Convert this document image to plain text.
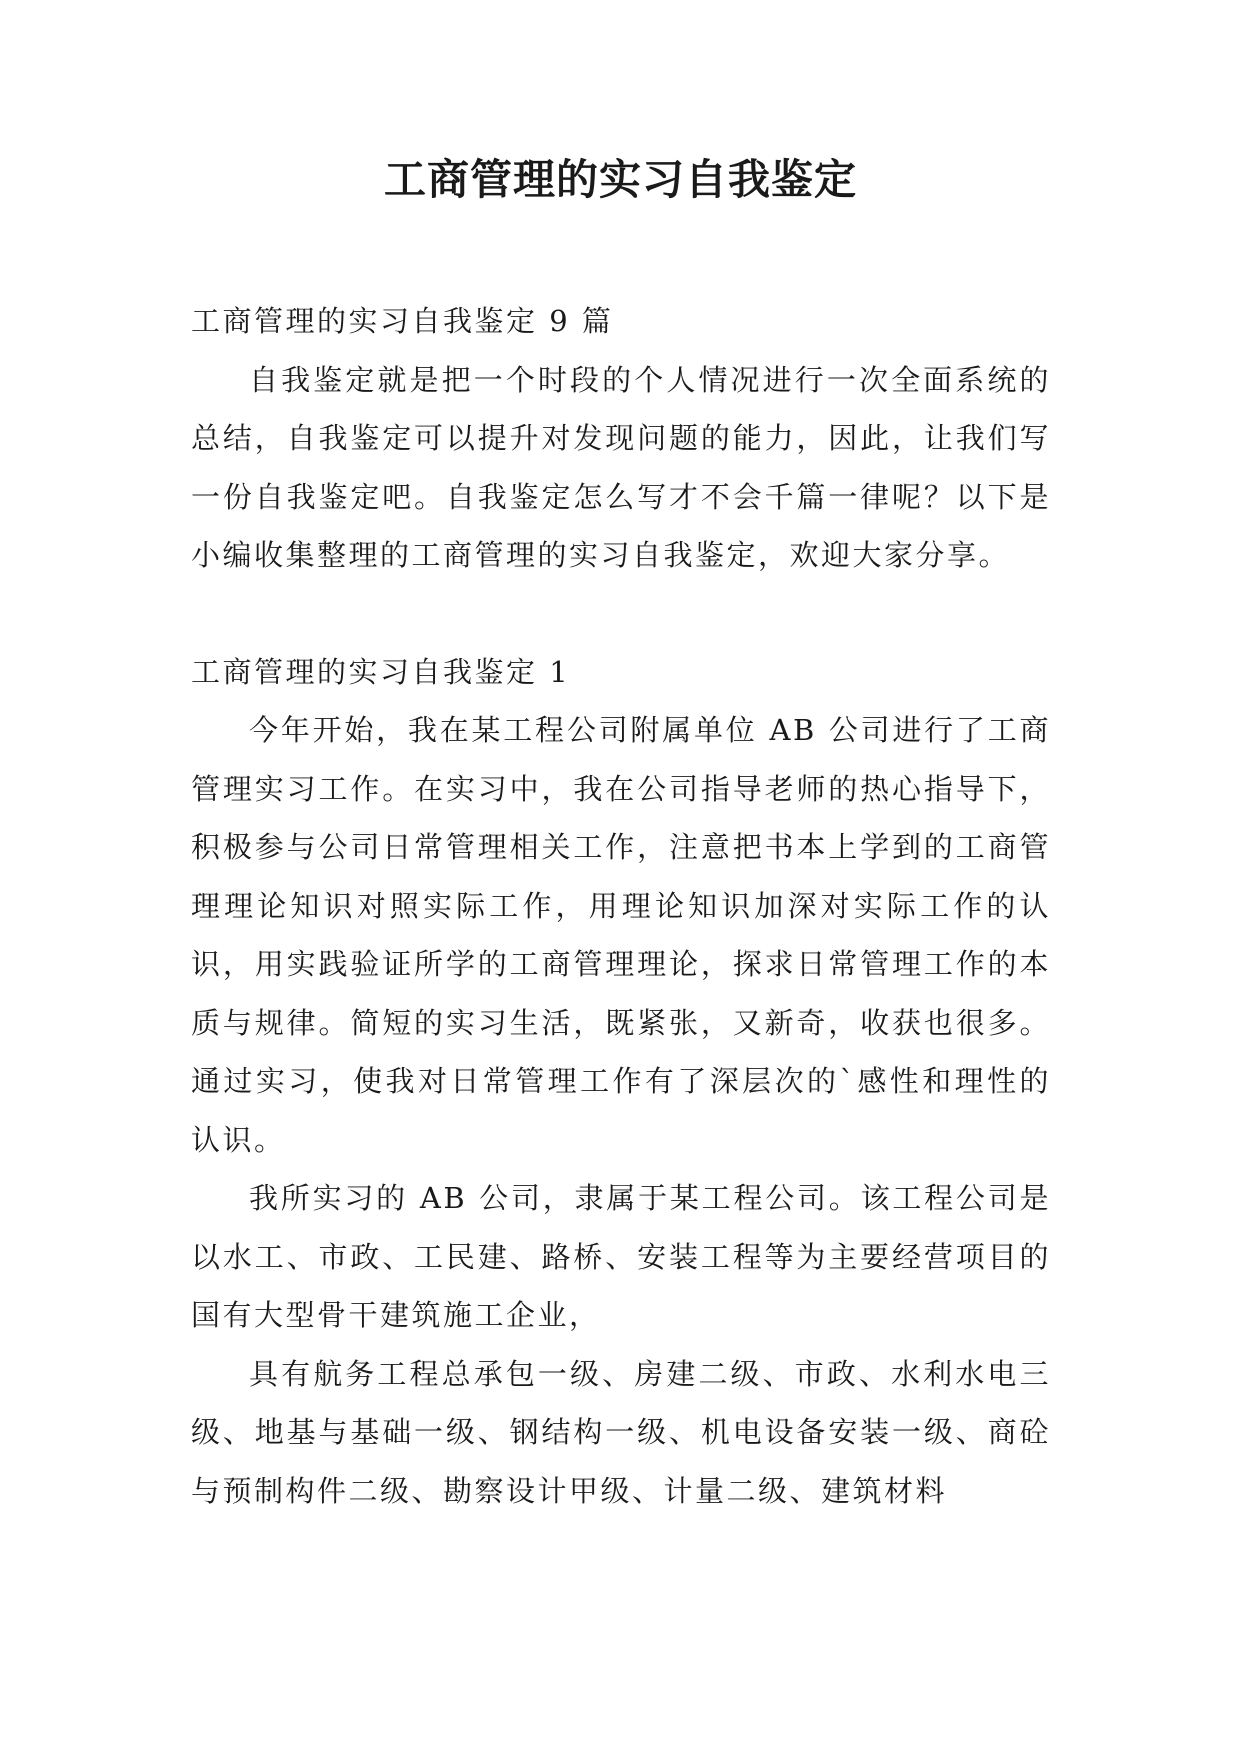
工商管理的实习自我鉴定

工商管理的实习自我鉴定 9 篇

自我鉴定就是把一个时段的个人情况进行一次全面系统的总结，自我鉴定可以提升对发现问题的能力，因此，让我们写一份自我鉴定吧。自我鉴定怎么写才不会千篇一律呢？以下是小编收集整理的工商管理的实习自我鉴定，欢迎大家分享。

工商管理的实习自我鉴定 1

今年开始，我在某工程公司附属单位 AB 公司进行了工商管理实习工作。在实习中，我在公司指导老师的热心指导下，积极参与公司日常管理相关工作，注意把书本上学到的工商管理理论知识对照实际工作，用理论知识加深对实际工作的认识，用实践验证所学的工商管理理论，探求日常管理工作的本质与规律。简短的实习生活，既紧张，又新奇，收获也很多。通过实习，使我对日常管理工作有了深层次的`感性和理性的认识。

我所实习的 AB 公司，隶属于某工程公司。该工程公司是以水工、市政、工民建、路桥、安装工程等为主要经营项目的国有大型骨干建筑施工企业，

具有航务工程总承包一级、房建二级、市政、水利水电三级、地基与基础一级、钢结构一级、机电设备安装一级、商砼与预制构件二级、勘察设计甲级、计量二级、建筑材料
